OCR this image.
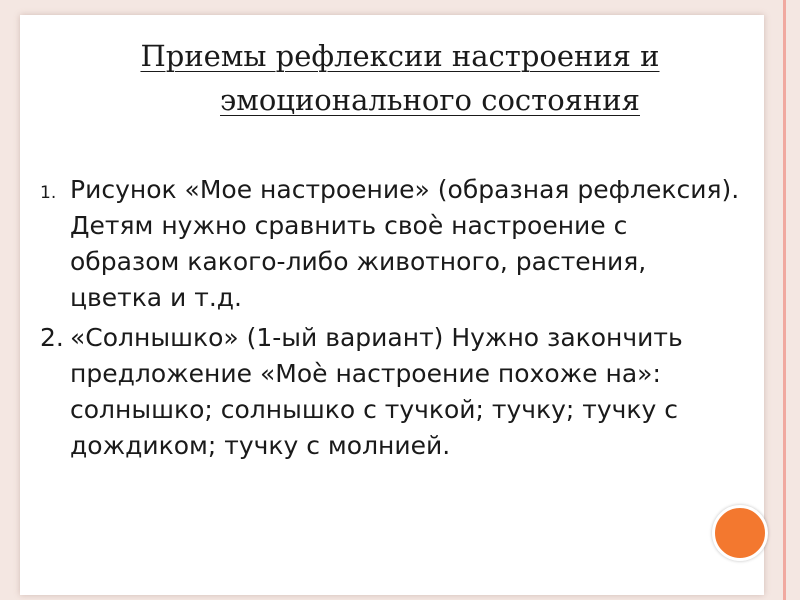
Приемы рефлексии настроения и
эмоционального состояния
1. Рисунок «Мое настроение» (образная рефлексия). Детям нужно сравнить своѐ настроение с образом какого-либо животного, растения, цветка и т.д.
2. «Солнышко» (1-ый вариант) Нужно закончить предложение «Моѐ настроение похоже на»: солнышко; солнышко с тучкой; тучку; тучку с дождиком; тучку с молнией.
